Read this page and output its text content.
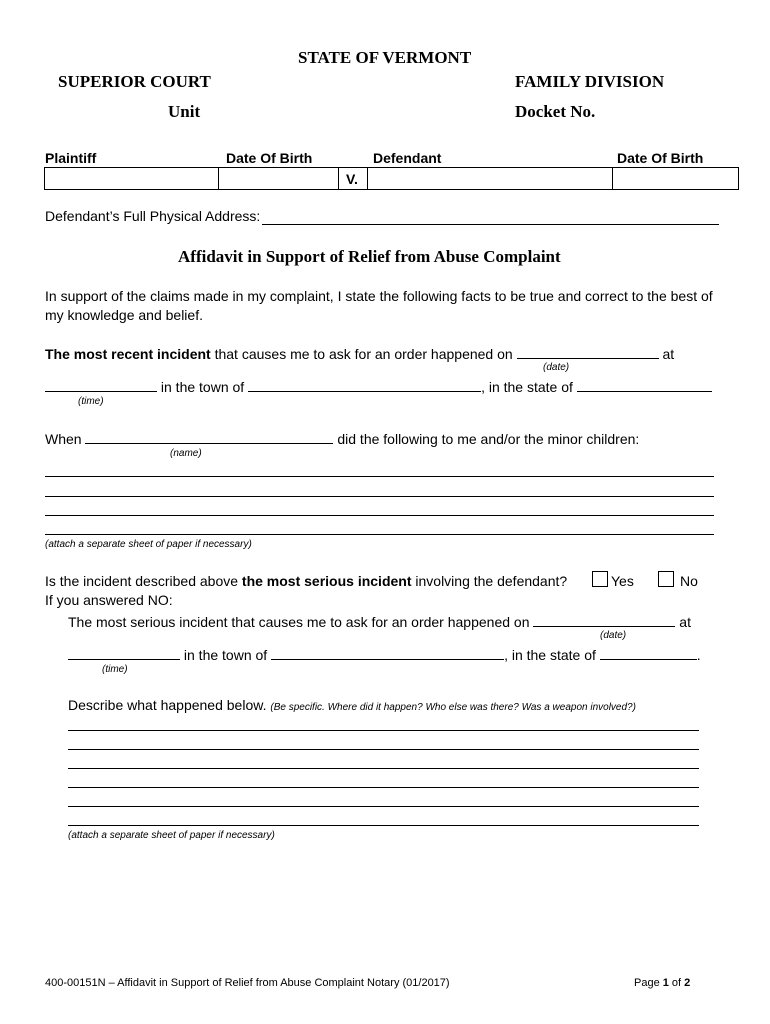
STATE OF VERMONT
SUPERIOR COURT	FAMILY DIVISION
Unit	Docket No.
Plaintiff	Date Of Birth	Defendant	Date Of Birth
V.
Defendant’s Full Physical Address:
Affidavit in Support of Relief from Abuse Complaint
In support of the claims made in my complaint, I state the following facts to be true and correct to the best of my knowledge and belief.
The most recent incident that causes me to ask for an order happened on	at
(date)
in the town of	, in the state of
(time)
When	did the following to me and/or the minor children:
(name)
(attach a separate sheet of paper if necessary)
Is the incident described above the most serious incident involving the defendant?	Yes	No
If you answered NO:
The most serious incident that causes me to ask for an order happened on	at
(date)
in the town of	, in the state of	.
(time)
Describe what happened below. (Be specific. Where did it happen? Who else was there? Was a weapon involved?)
(attach a separate sheet of paper if necessary)
400-00151N – Affidavit in Support of Relief from Abuse Complaint Notary (01/2017)	Page 1 of 2
